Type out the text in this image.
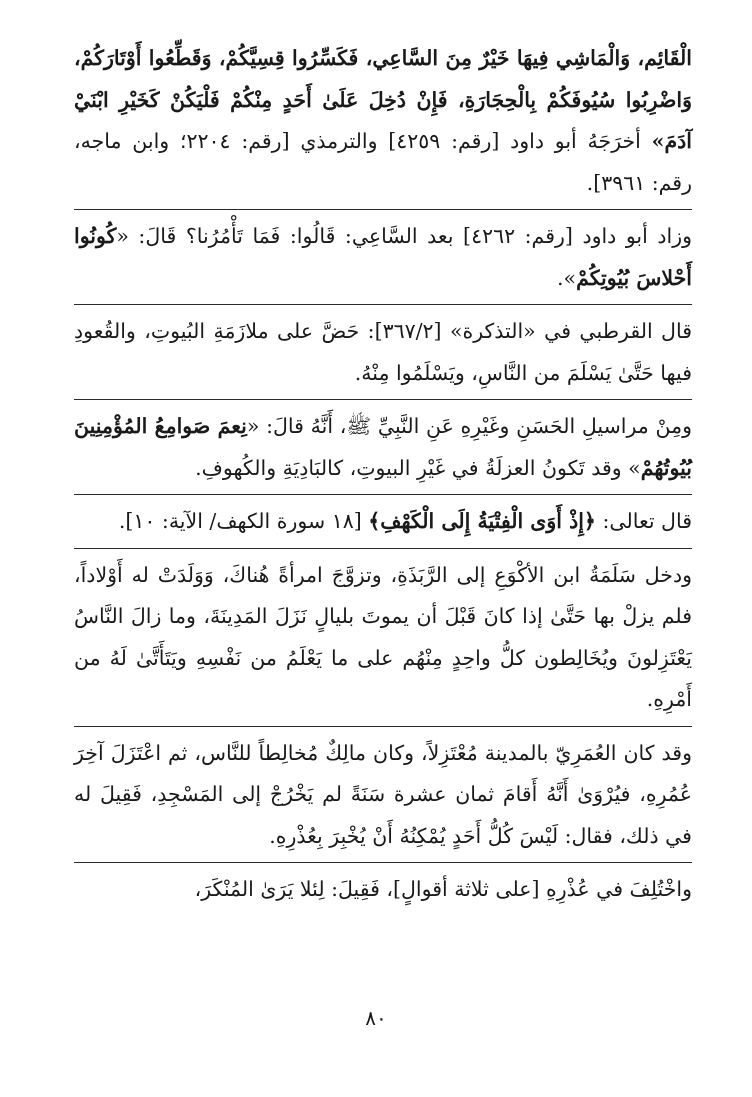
الْقَائِم، وَالْمَاشِي فِيهَا خَيْرٌ مِنَ السَّاعِي، فَكَسِّرُوا قِسِيَّكُمْ، وَقَطِّعُوا أَوْتَارَكُمْ، وَاضْرِبُوا سُيُوفَكُمْ بِالْحِجَارَةِ، فَإِنْ دُخِلَ عَلَىٰ أَحَدٍ مِنْكُمْ فَلْيَكُنْ كَخَيْرِ ابْنَيْ آدَمَ» أخرَجَهُ أبو داود [رقم: ٤٢٥٩] والترمذي [رقم: ٢٢٠٤؛ وابن ماجه، رقم: ٣٩٦١].

وزاد أبو داود [رقم: ٤٢٦٢] بعد السَّاعِي: قَالُوا: فَمَا تَأْمُرُنا؟ قَالَ: «كُونُوا أَحْلاسَ بُيُوتِكُمْ».

قال القرطبي في «التذكرة» [٣٦٧/٢]: حَضَّ على ملازَمَةِ البُيوتِ، والقُعودِ فيها حَتَّىٰ يَسْلَمَ من النَّاسِ، ويَسْلَمُوا مِنْهُ.

ومِنْ مراسيلِ الحَسَنِ وغَيْرِهِ عَنِ النَّبِيِّ ﷺ، أَنَّهُ قالَ: «نِعمَ صَوامِعُ المُؤْمِنِينَ بُيُوتُهُمْ» وقد تَكونُ العزلَةُ في غَيْرِ البيوتِ، كالبَادِيَةِ والكُهوفِ.

قال تعالى: ﴿إِذْ أَوَى الْفِتْيَةُ إِلَى الْكَهْفِ﴾ [١٨ سورة الكهف/ الآية: ١٠].

ودخل سَلَمَةُ ابن الأكْوَعِ إلى الرَّبَذَةِ، وتزوَّجَ امرأةً هُناكَ، وَوَلَدَتْ له أَوْلاداً، فلم يزلْ بها حَتَّىٰ إذا كانَ قَبْلَ أن يموتَ بليالٍ نَزَلَ المَدِينَةَ، وما زالَ النَّاسُ يَعْتَزِلونَ ويُخَالِطون كلُّ واحِدٍ مِنْهُم على ما يَعْلَمُ من نَفْسِهِ ويَتَأَتَّىٰ لَهُ من أَمْرِهِ.

وقد كان العُمَرِيّ بالمدينة مُعْتَزِلاً، وكان مالِكٌ مُخالِطاً للنَّاس، ثم اعْتَزَلَ آخِرَ عُمُرِهِ، فيُرْوَىٰ أَنَّهُ أَقامَ ثمان عشرة سَنَةً لم يَخْرُجْ إلى المَسْجِدِ، فَقِيلَ له في ذلك، فقال: لَيْسَ كُلُّ أَحَدٍ يُمْكِنُهُ أَنْ يُخْبِرَ بِعُذْرِهِ.

واخْتُلِفَ في عُذْرِهِ [على ثلاثة أقوالٍ]، فَقِيلَ: لِئلا يَرَىٰ المُنْكَرَ،

٨٠
